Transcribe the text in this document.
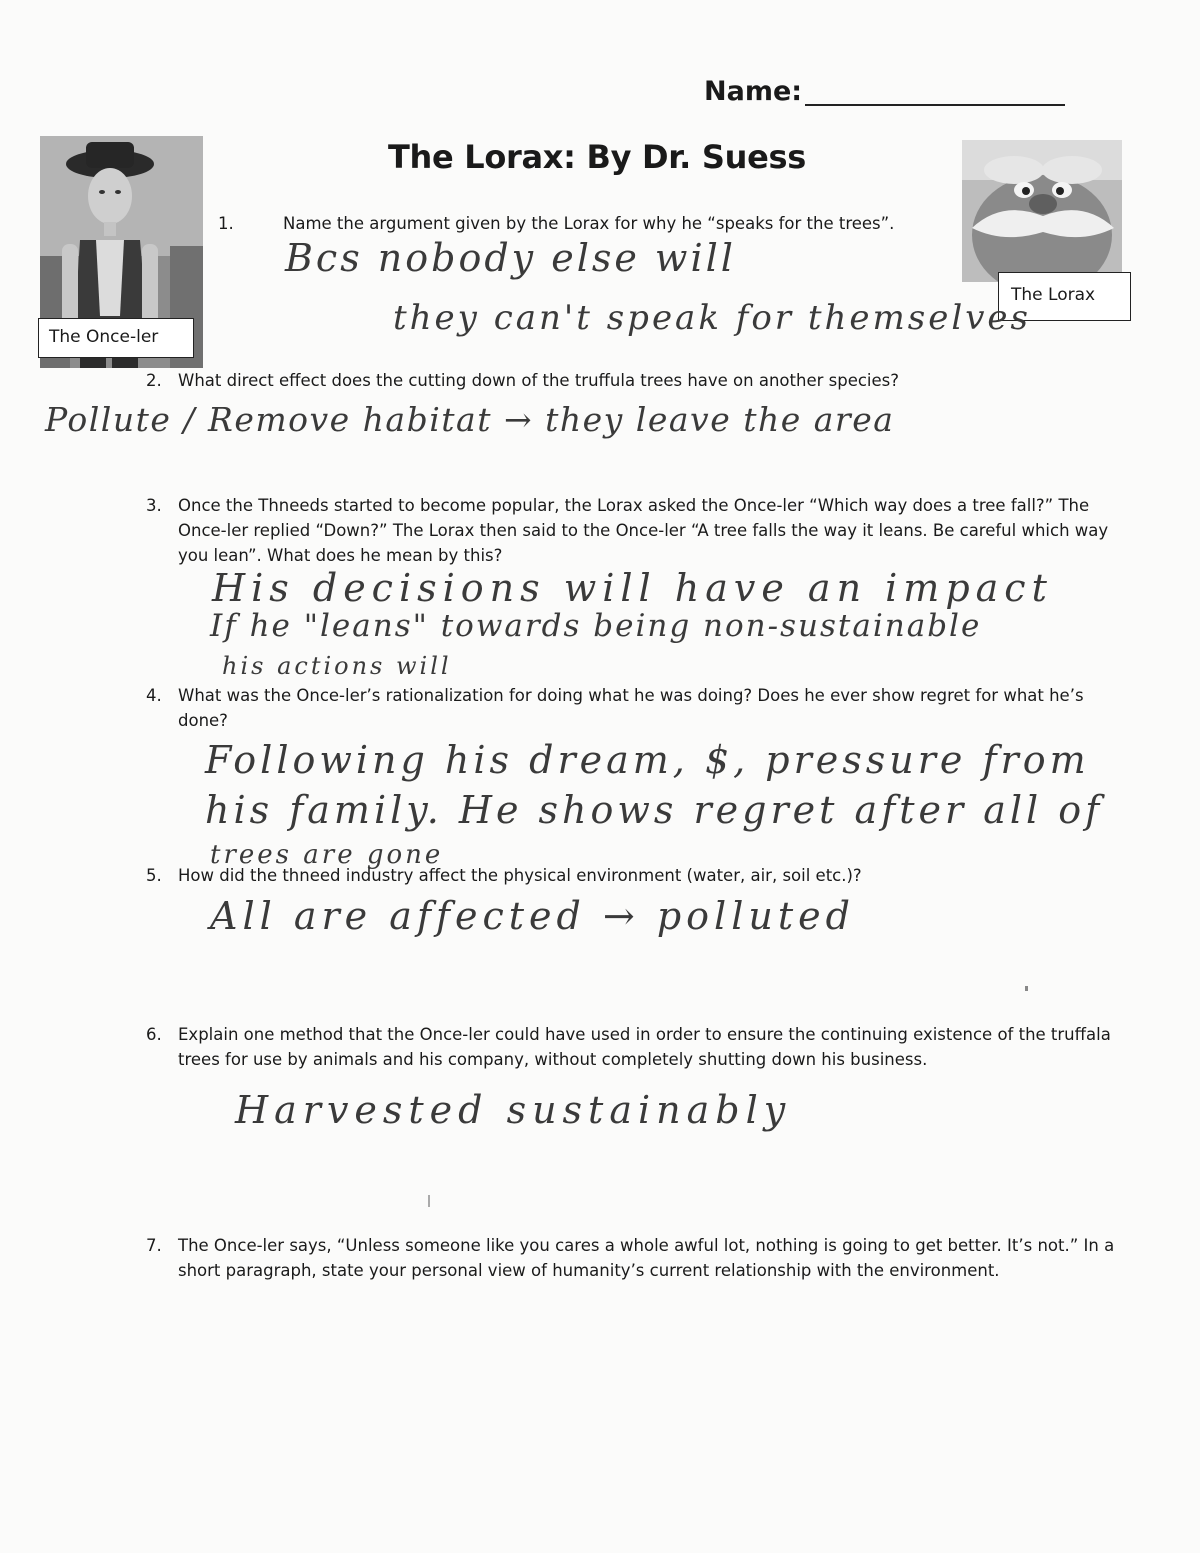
Name:
The Lorax: By Dr. Suess
The Once-ler
The Lorax
1.	Name the argument given by the Lorax for why he “speaks for the trees”.
Bcs nobody else will
they can't speak for themselves
2. What direct effect does the cutting down of the truffula trees have on another species?
Pollute / Remove habitat → they leave the area
3. Once the Thneeds started to become popular, the Lorax asked the Once-ler “Which way does a tree fall?” The Once-ler replied “Down?” The Lorax then said to the Once-ler “A tree falls the way it leans. Be careful which way you lean”. What does he mean by this?
His decisions will have an impact
If he "leans" towards being non-sustainable
his actions will
4. What was the Once-ler’s rationalization for doing what he was doing? Does he ever show regret for what he’s done?
Following his dream, $, pressure from
his family. He shows regret after all of
trees are gone
5. How did the thneed industry affect the physical environment (water, air, soil etc.)?
All are affected → polluted
6. Explain one method that the Once-ler could have used in order to ensure the continuing existence of the truffala trees for use by animals and his company, without completely shutting down his business.
Harvested sustainably
7. The Once-ler says, “Unless someone like you cares a whole awful lot, nothing is going to get better. It’s not.” In a short paragraph, state your personal view of humanity’s current relationship with the environment.
